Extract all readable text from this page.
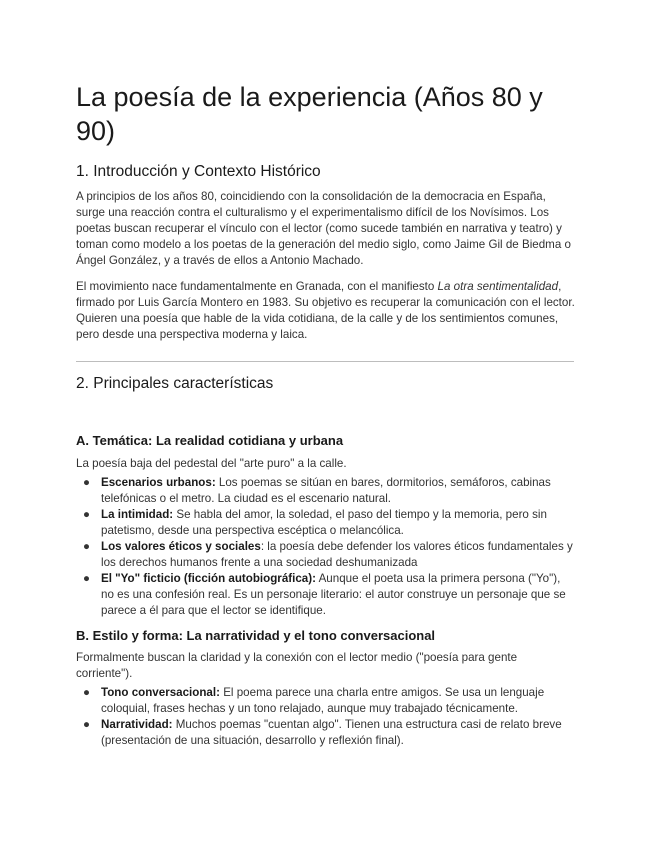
La poesía de la experiencia (Años 80 y 90)
1. Introducción y Contexto Histórico

A principios de los años 80, coincidiendo con la consolidación de la democracia en España, surge una reacción contra el culturalismo y el experimentalismo difícil de los Novísimos. Los poetas buscan recuperar el vínculo con el lector (como sucede también en narrativa y teatro) y toman como modelo a los poetas de la generación del medio siglo, como Jaime Gil de Biedma o Ángel González, y a través de ellos a Antonio Machado.

El movimiento nace fundamentalmente en Granada, con el manifiesto La otra sentimentalidad, firmado por Luis García Montero en 1983. Su objetivo es recuperar la comunicación con el lector. Quieren una poesía que hable de la vida cotidiana, de la calle y de los sentimientos comunes, pero desde una perspectiva moderna y laica.

2. Principales características
A. Temática: La realidad cotidiana y urbana

La poesía baja del pedestal del "arte puro" a la calle.

● Escenarios urbanos: Los poemas se sitúan en bares, dormitorios, semáforos, cabinas telefónicas o el metro. La ciudad es el escenario natural.
● La intimidad: Se habla del amor, la soledad, el paso del tiempo y la memoria, pero sin patetismo, desde una perspectiva escéptica o melancólica.
● Los valores éticos y sociales: la poesía debe defender los valores éticos fundamentales y los derechos humanos frente a una sociedad deshumanizada
● El "Yo" ficticio (ficción autobiográfica): Aunque el poeta usa la primera persona ("Yo"), no es una confesión real. Es un personaje literario: el autor construye un personaje que se parece a él para que el lector se identifique.
B. Estilo y forma: La narratividad y el tono conversacional

Formalmente buscan la claridad y la conexión con el lector medio ("poesía para gente corriente").

● Tono conversacional: El poema parece una charla entre amigos. Se usa un lenguaje coloquial, frases hechas y un tono relajado, aunque muy trabajado técnicamente.
● Narratividad: Muchos poemas "cuentan algo". Tienen una estructura casi de relato breve (presentación de una situación, desarrollo y reflexión final).
